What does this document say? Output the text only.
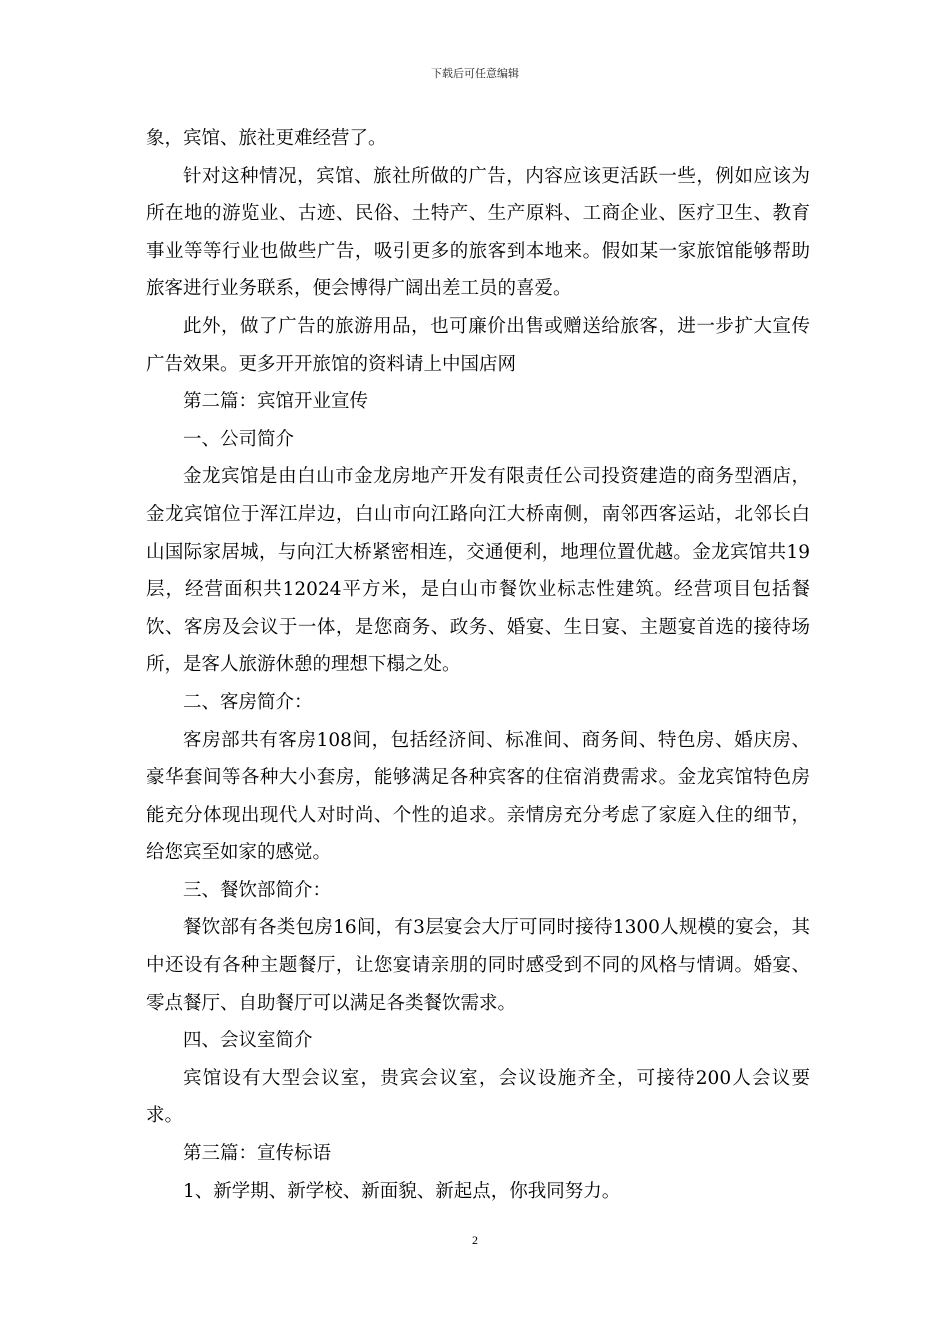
下载后可任意编辑

象，宾馆、旅社更难经营了。

针对这种情况，宾馆、旅社所做的广告，内容应该更活跃一些，例如应该为所在地的游览业、古迹、民俗、土特产、生产原料、工商企业、医疗卫生、教育事业等等行业也做些广告，吸引更多的旅客到本地来。假如某一家旅馆能够帮助旅客进行业务联系，便会博得广阔出差工员的喜爱。

此外，做了广告的旅游用品，也可廉价出售或赠送给旅客，进一步扩大宣传广告效果。更多开开旅馆的资料请上中国店网

第二篇：宾馆开业宣传

一、公司简介

金龙宾馆是由白山市金龙房地产开发有限责任公司投资建造的商务型酒店，金龙宾馆位于浑江岸边，白山市向江路向江大桥南侧，南邻西客运站，北邻长白山国际家居城，与向江大桥紧密相连，交通便利，地理位置优越。金龙宾馆共19层，经营面积共12024平方米，是白山市餐饮业标志性建筑。经营项目包括餐饮、客房及会议于一体，是您商务、政务、婚宴、生日宴、主题宴首选的接待场所，是客人旅游休憩的理想下榻之处。

二、客房简介：

客房部共有客房108间，包括经济间、标准间、商务间、特色房、婚庆房、豪华套间等各种大小套房，能够满足各种宾客的住宿消费需求。金龙宾馆特色房能充分体现出现代人对时尚、个性的追求。亲情房充分考虑了家庭入住的细节，给您宾至如家的感觉。

三、餐饮部简介：

餐饮部有各类包房16间，有3层宴会大厅可同时接待1300人规模的宴会，其中还设有各种主题餐厅，让您宴请亲朋的同时感受到不同的风格与情调。婚宴、零点餐厅、自助餐厅可以满足各类餐饮需求。

四、会议室简介

宾馆设有大型会议室，贵宾会议室，会议设施齐全，可接待200人会议要求。

第三篇：宣传标语

1、新学期、新学校、新面貌、新起点，你我同努力。

2
